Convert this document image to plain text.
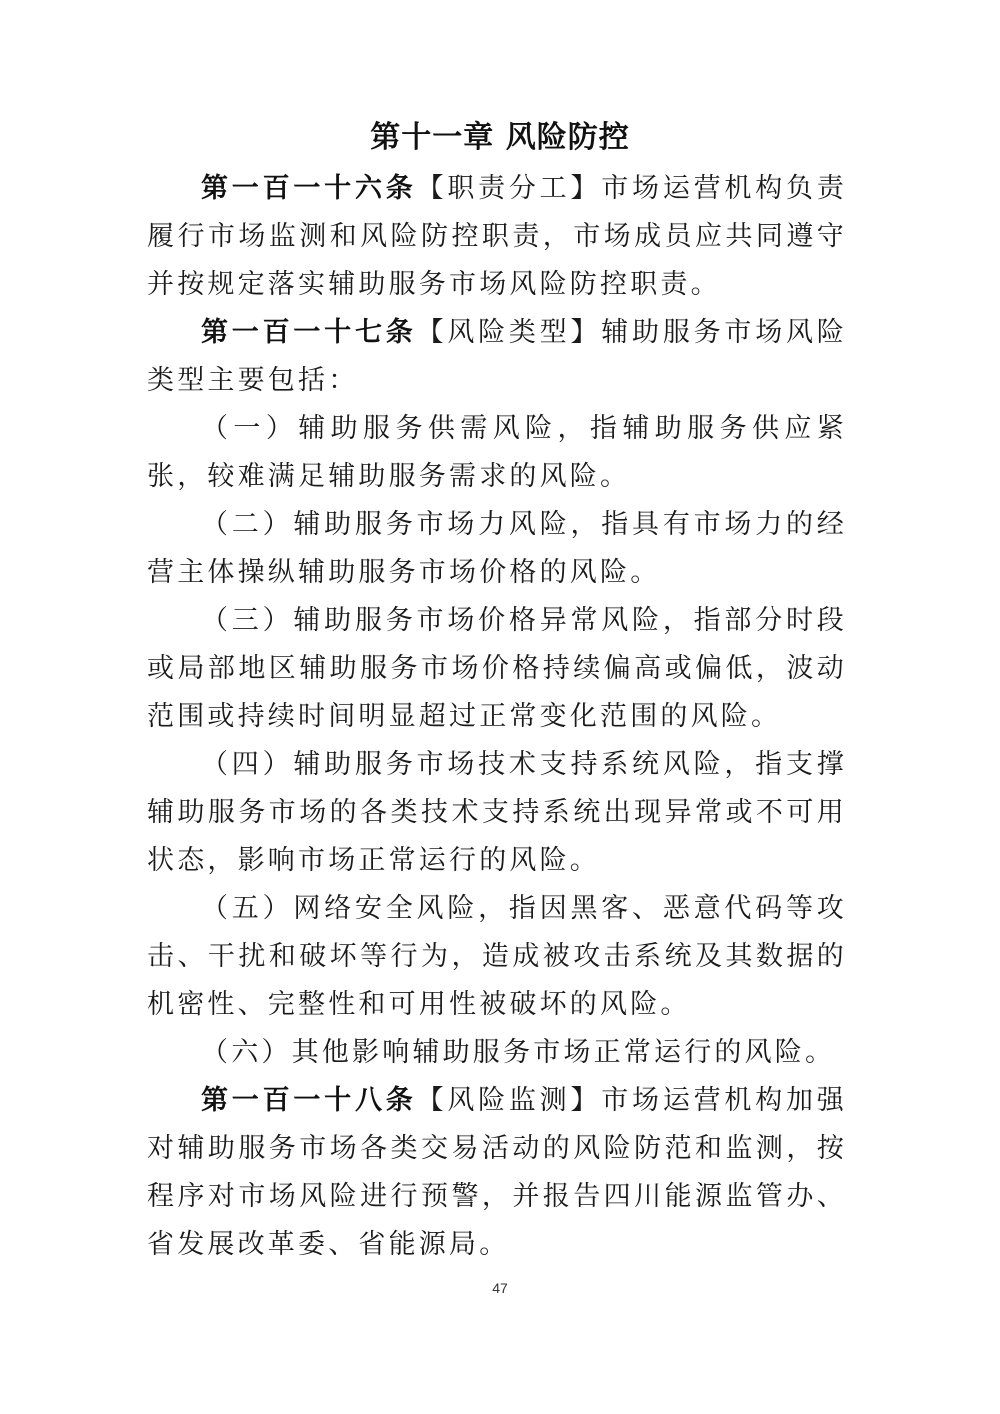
第十一章 风险防控

第一百一十六条【职责分工】市场运营机构负责履行市场监测和风险防控职责，市场成员应共同遵守并按规定落实辅助服务市场风险防控职责。

第一百一十七条【风险类型】辅助服务市场风险类型主要包括：

（一）辅助服务供需风险，指辅助服务供应紧张，较难满足辅助服务需求的风险。

（二）辅助服务市场力风险，指具有市场力的经营主体操纵辅助服务市场价格的风险。

（三）辅助服务市场价格异常风险，指部分时段或局部地区辅助服务市场价格持续偏高或偏低，波动范围或持续时间明显超过正常变化范围的风险。

（四）辅助服务市场技术支持系统风险，指支撑辅助服务市场的各类技术支持系统出现异常或不可用状态，影响市场正常运行的风险。

（五）网络安全风险，指因黑客、恶意代码等攻击、干扰和破坏等行为，造成被攻击系统及其数据的机密性、完整性和可用性被破坏的风险。

（六）其他影响辅助服务市场正常运行的风险。

第一百一十八条【风险监测】市场运营机构加强对辅助服务市场各类交易活动的风险防范和监测，按程序对市场风险进行预警，并报告四川能源监管办、省发展改革委、省能源局。

47
